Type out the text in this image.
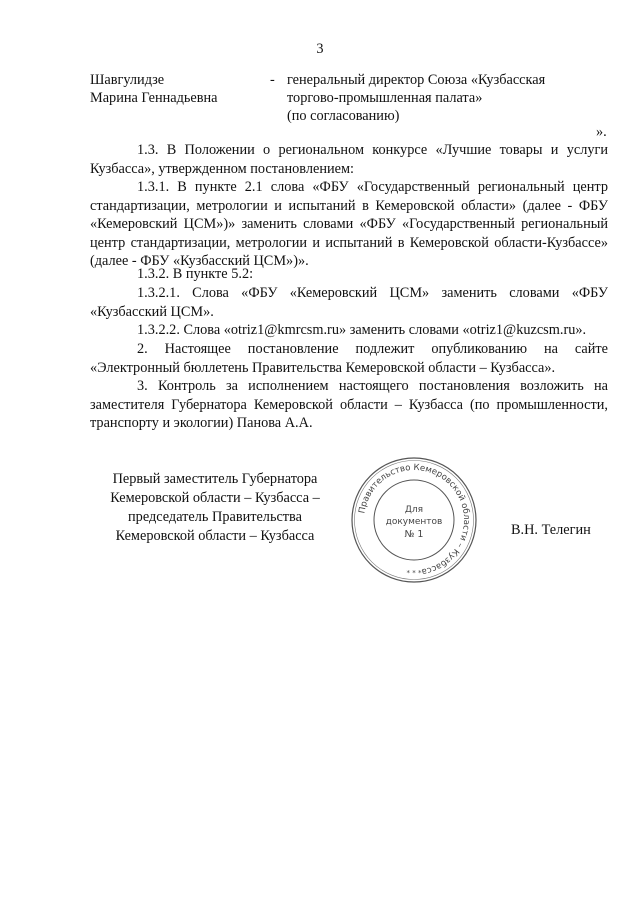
3
Шавгулидзе
Марина Геннадьевна
- генеральный директор Союза «Кузбасская
торгово-промышленная палата»
(по согласованию)
».
1.3. В Положении о региональном конкурсе «Лучшие товары и услуги Кузбасса», утвержденном постановлением:
1.3.1. В пункте 2.1 слова «ФБУ «Государственный региональный центр стандартизации, метрологии и испытаний в Кемеровской области» (далее - ФБУ «Кемеровский ЦСМ»)» заменить словами «ФБУ «Государственный региональный центр стандартизации, метрологии и испытаний в Кемеровской области-Кузбассе» (далее - ФБУ «Кузбасский ЦСМ»)».
1.3.2. В пункте 5.2:
1.3.2.1. Слова «ФБУ «Кемеровский ЦСМ» заменить словами «ФБУ «Кузбасский ЦСМ».
1.3.2.2. Слова «otriz1@kmrcsm.ru» заменить словами «otriz1@kuzcsm.ru».
2. Настоящее постановление подлежит опубликованию на сайте «Электронный бюллетень Правительства Кемеровской области – Кузбасса».
3. Контроль за исполнением настоящего постановления возложить на заместителя Губернатора Кемеровской области – Кузбасса (по промышленности, транспорту и экологии) Панова А.А.
Первый заместитель Губернатора
Кемеровской области – Кузбасса –
председатель Правительства
Кемеровской области – Кузбасса
Правительство Кемеровской области – Кузбасса
* * *
Для
документов
№ 1	В.Н. Телегин
